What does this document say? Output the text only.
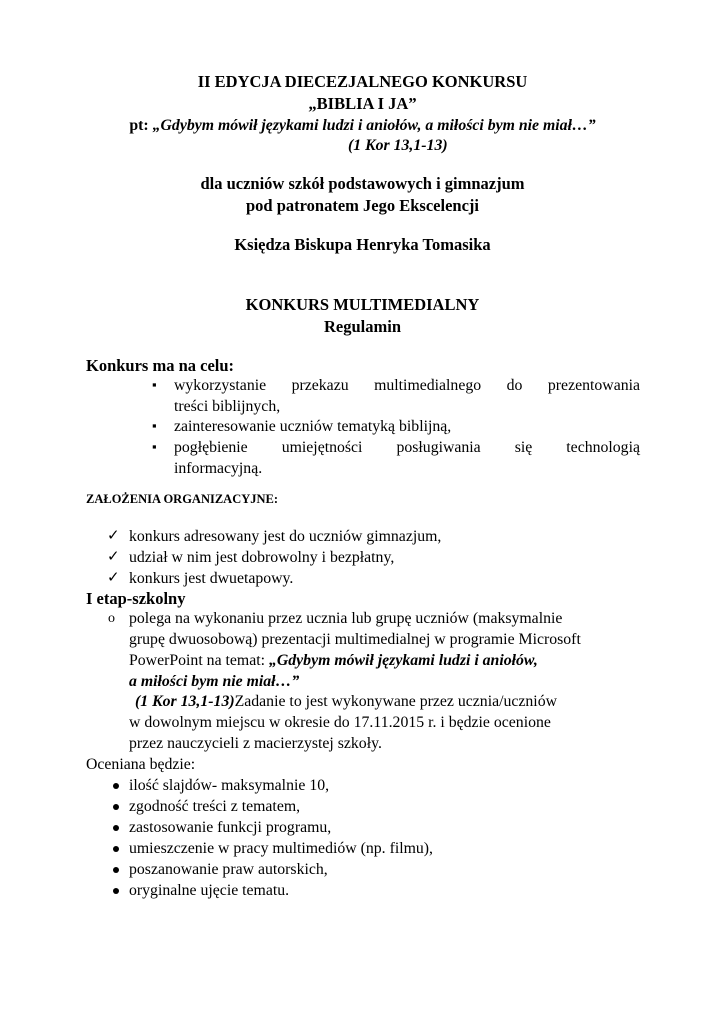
II EDYCJA DIECEZJALNEGO KONKURSU
„BIBLIA I JA”
pt: „Gdybym mówił językami ludzi i aniołów, a miłości bym nie miał…”
(1 Kor 13,1-13)
dla uczniów szkół podstawowych i gimnazjum
pod patronatem Jego Ekscelencji
Księdza Biskupa Henryka Tomasika
KONKURS MULTIMEDIALNY
Regulamin
Konkurs ma na celu:
▪ wykorzystanie przekazu multimedialnego do prezentowania
treści biblijnych,
▪ zainteresowanie uczniów tematyką biblijną,
▪ pogłębienie umiejętności posługiwania się technologią
informacyjną.
ZAŁOŻENIA ORGANIZACYJNE:
✓ konkurs adresowany jest do uczniów gimnazjum,
✓ udział w nim jest dobrowolny i bezpłatny,
✓ konkurs jest dwuetapowy.
I etap-szkolny
o polega na wykonaniu przez ucznia lub grupę uczniów (maksymalnie
grupę dwuosobową) prezentacji multimedialnej w programie Microsoft
PowerPoint na temat: „Gdybym mówił językami ludzi i aniołów,
a miłości bym nie miał…”
(1 Kor 13,1-13)Zadanie to jest wykonywane przez ucznia/uczniów
w dowolnym miejscu w okresie do 17.11.2015 r. i będzie ocenione
przez nauczycieli z macierzystej szkoły.
Oceniana będzie:
ilość slajdów- maksymalnie 10,
zgodność treści z tematem,
zastosowanie funkcji programu,
umieszczenie w pracy multimediów (np. filmu),
poszanowanie praw autorskich,
oryginalne ujęcie tematu.
